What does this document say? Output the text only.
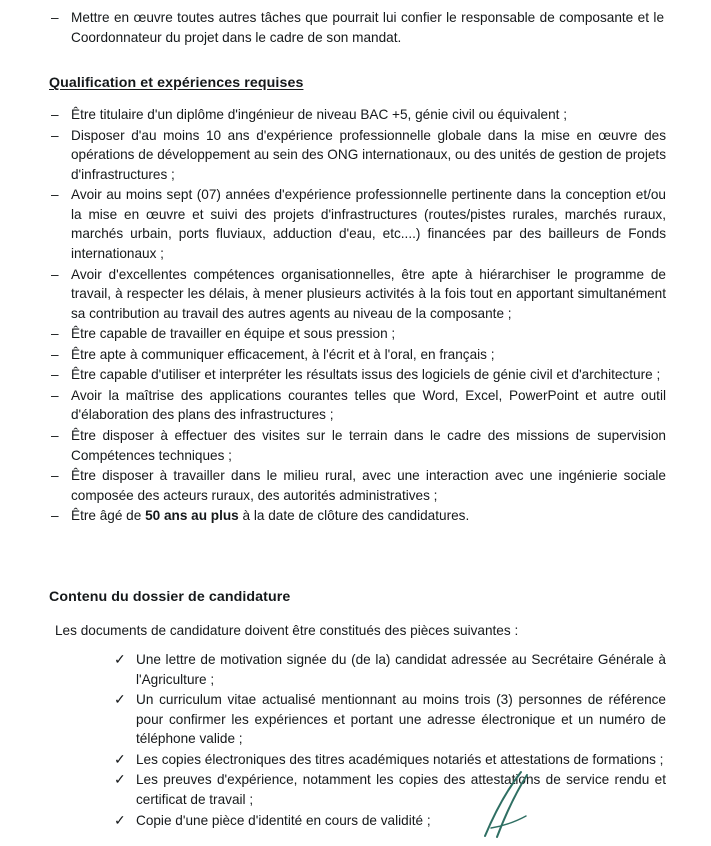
– Mettre en œuvre toutes autres tâches que pourrait lui confier le responsable de composante et le Coordonnateur du projet dans le cadre de son mandat.
Qualification et expériences requises
– Être titulaire d'un diplôme d'ingénieur de niveau BAC +5, génie civil ou équivalent ;
– Disposer d'au moins 10 ans d'expérience professionnelle globale dans la mise en œuvre des opérations de développement au sein des ONG internationaux, ou des unités de gestion de projets d'infrastructures ;
– Avoir au moins sept (07) années d'expérience professionnelle pertinente dans la conception et/ou la mise en œuvre et suivi des projets d'infrastructures (routes/pistes rurales, marchés ruraux, marchés urbain, ports fluviaux, adduction d'eau, etc....) financées par des bailleurs de Fonds internationaux ;
– Avoir d'excellentes compétences organisationnelles, être apte à hiérarchiser le programme de travail, à respecter les délais, à mener plusieurs activités à la fois tout en apportant simultanément sa contribution au travail des autres agents au niveau de la composante ;
– Être capable de travailler en équipe et sous pression ;
– Être apte à communiquer efficacement, à l'écrit et à l'oral, en français ;
– Être capable d'utiliser et interpréter les résultats issus des logiciels de génie civil et d'architecture ;
– Avoir la maîtrise des applications courantes telles que Word, Excel, PowerPoint et autre outil d'élaboration des plans des infrastructures ;
– Être disposer à effectuer des visites sur le terrain dans le cadre des missions de supervision Compétences techniques ;
– Être disposer à travailler dans le milieu rural, avec une interaction avec une ingénierie sociale composée des acteurs ruraux, des autorités administratives ;
– Être âgé de 50 ans au plus à la date de clôture des candidatures.
Contenu du dossier de candidature
Les documents de candidature doivent être constitués des pièces suivantes :
✓ Une lettre de motivation signée du (de la) candidat adressée au Secrétaire Générale à l'Agriculture ;
✓ Un curriculum vitae actualisé mentionnant au moins trois (3) personnes de référence pour confirmer les expériences et portant une adresse électronique et un numéro de téléphone valide ;
✓ Les copies électroniques des titres académiques notariés et attestations de formations ;
✓ Les preuves d'expérience, notamment les copies des attestations de service rendu et certificat de travail ;
✓ Copie d'une pièce d'identité en cours de validité ;
